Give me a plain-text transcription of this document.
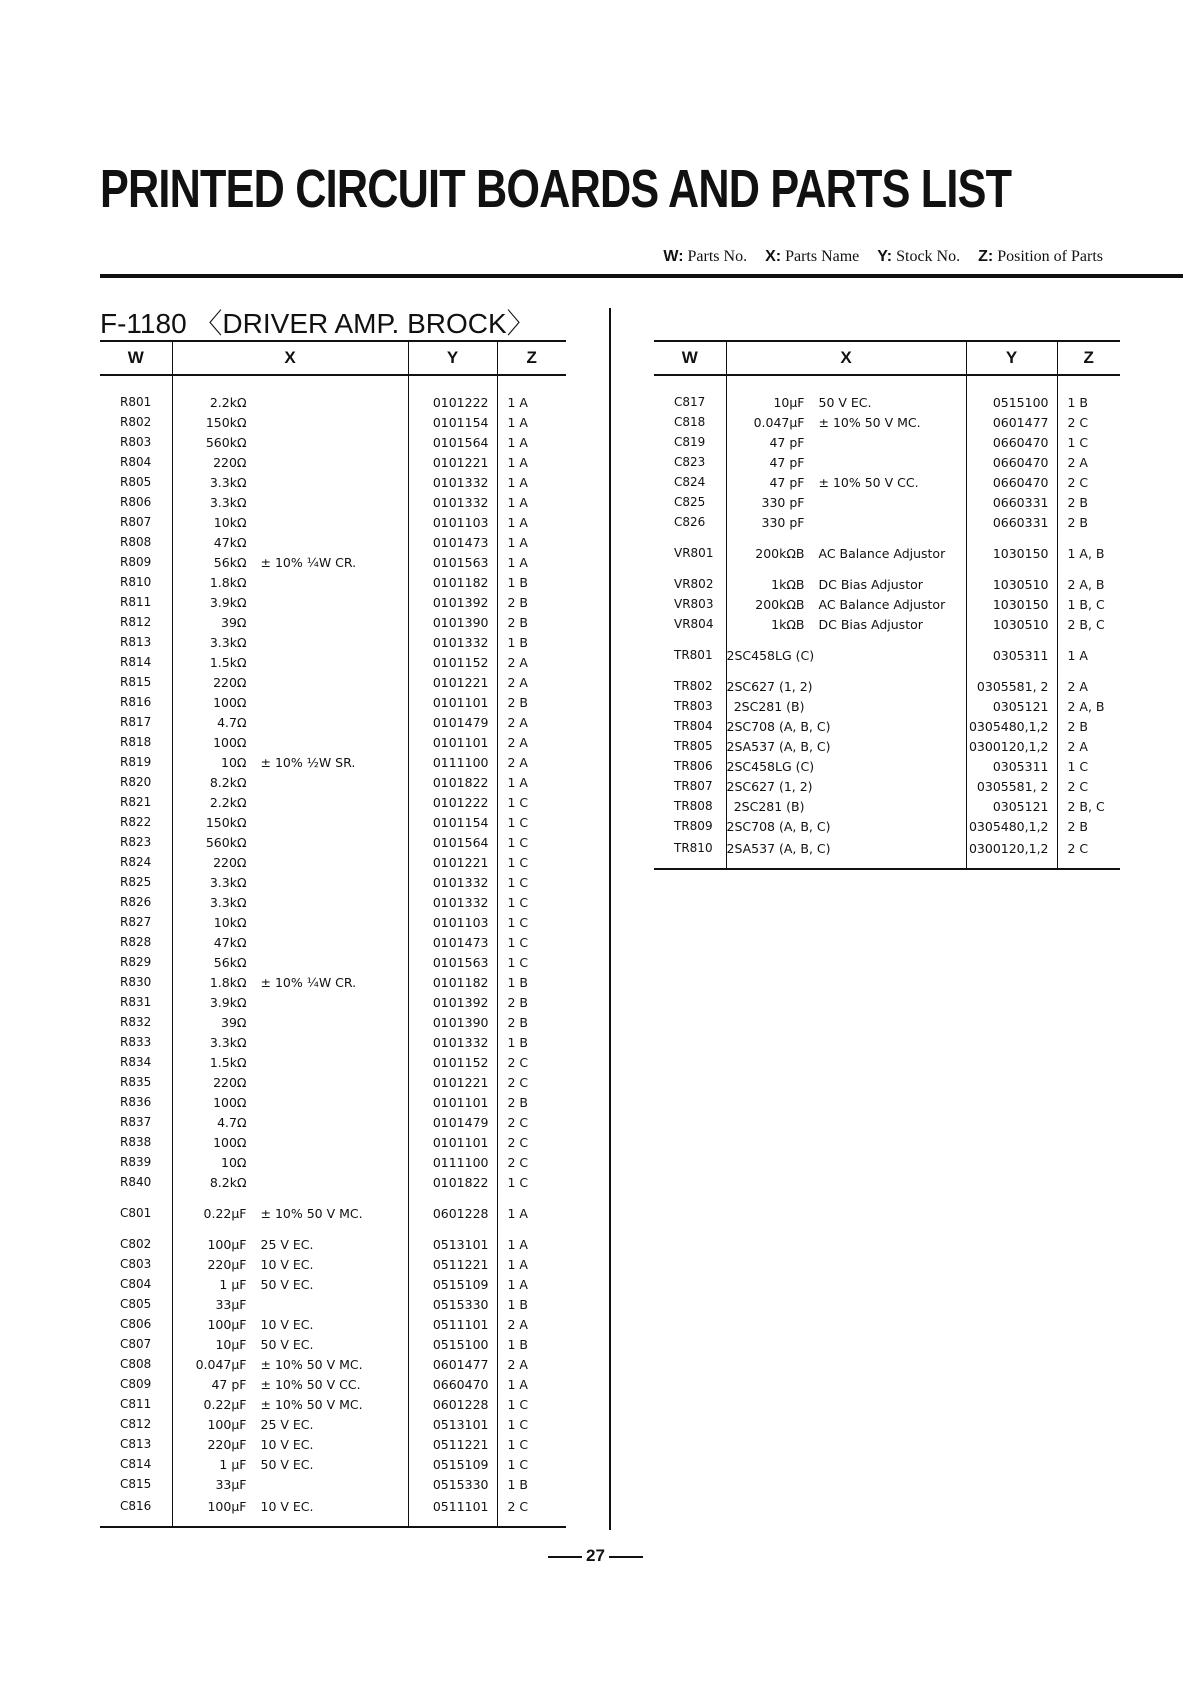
PRINTED CIRCUIT BOARDS AND PARTS LIST
W: Parts No. X: Parts Name Y: Stock No. Z: Position of Parts
F-1180 〈DRIVER AMP. BROCK〉
W	X	Y	Z

R801	2.2kΩ	0101222	1 A
R802	150kΩ	0101154	1 A
R803	560kΩ	0101564	1 A
R804	220Ω	0101221	1 A
R805	3.3kΩ	0101332	1 A
R806	3.3kΩ	0101332	1 A
R807	10kΩ	0101103	1 A
R808	47kΩ	0101473	1 A
R809	56kΩ ± 10% ¼W CR.	0101563	1 A
R810	1.8kΩ	0101182	1 B
R811	3.9kΩ	0101392	2 B
R812	39Ω	0101390	2 B
R813	3.3kΩ	0101332	1 B
R814	1.5kΩ	0101152	2 A
R815	220Ω	0101221	2 A
R816	100Ω	0101101	2 B
R817	4.7Ω	0101479	2 A
R818	100Ω	0101101	2 A
R819	10Ω ± 10% ½W SR.	0111100	2 A
R820	8.2kΩ	0101822	1 A
R821	2.2kΩ	0101222	1 C
R822	150kΩ	0101154	1 C
R823	560kΩ	0101564	1 C
R824	220Ω	0101221	1 C
R825	3.3kΩ	0101332	1 C
R826	3.3kΩ	0101332	1 C
R827	10kΩ	0101103	1 C
R828	47kΩ	0101473	1 C
R829	56kΩ	0101563	1 C
R830	1.8kΩ ± 10% ¼W CR.	0101182	1 B
R831	3.9kΩ	0101392	2 B
R832	39Ω	0101390	2 B
R833	3.3kΩ	0101332	1 B
R834	1.5kΩ	0101152	2 C
R835	220Ω	0101221	2 C
R836	100Ω	0101101	2 B
R837	4.7Ω	0101479	2 C
R838	100Ω	0101101	2 C
R839	10Ω	0111100	2 C
R840	8.2kΩ	0101822	1 C
C801	0.22μF ± 10% 50 V MC.	0601228	1 A
C802	100μF 25 V EC.	0513101	1 A
C803	220μF 10 V EC.	0511221	1 A
C804	1 μF 50 V EC.	0515109	1 A
C805	33μF	0515330	1 B
C806	100μF 10 V EC.	0511101	2 A
C807	10μF 50 V EC.	0515100	1 B
C808	0.047μF ± 10% 50 V MC.	0601477	2 A
C809	47 pF ± 10% 50 V CC.	0660470	1 A
C811	0.22μF ± 10% 50 V MC.	0601228	1 C
C812	100μF 25 V EC.	0513101	1 C
C813	220μF 10 V EC.	0511221	1 C
C814	1 μF 50 V EC.	0515109	1 C
C815	33μF	0515330	1 B
C816	100μF 10 V EC.	0511101	2 C
W	X	Y	Z

C817	10μF 50 V EC.	0515100	1 B
C818	0.047μF ± 10% 50 V MC.	0601477	2 C
C819	47 pF	0660470	1 C
C823	47 pF	0660470	2 A
C824	47 pF ± 10% 50 V CC.	0660470	2 C
C825	330 pF	0660331	2 B
C826	330 pF	0660331	2 B
VR801	200kΩB AC Balance Adjustor	1030150	1 A, B
VR802	1kΩB DC Bias Adjustor	1030510	2 A, B
VR803	200kΩB AC Balance Adjustor	1030150	1 B, C
VR804	1kΩB DC Bias Adjustor	1030510	2 B, C
TR801	2SC458LG (C)	0305311	1 A
TR802	2SC627 (1, 2)	0305581, 2	2 A
TR803	2SC281 (B)	0305121	2 A, B
TR804	2SC708 (A, B, C)	0305480,1,2	2 B
TR805	2SA537 (A, B, C)	0300120,1,2	2 A
TR806	2SC458LG (C)	0305311	1 C
TR807	2SC627 (1, 2)	0305581, 2	2 C
TR808	2SC281 (B)	0305121	2 B, C
TR809	2SC708 (A, B, C)	0305480,1,2	2 B
TR810	2SA537 (A, B, C)	0300120,1,2	2 C
27
